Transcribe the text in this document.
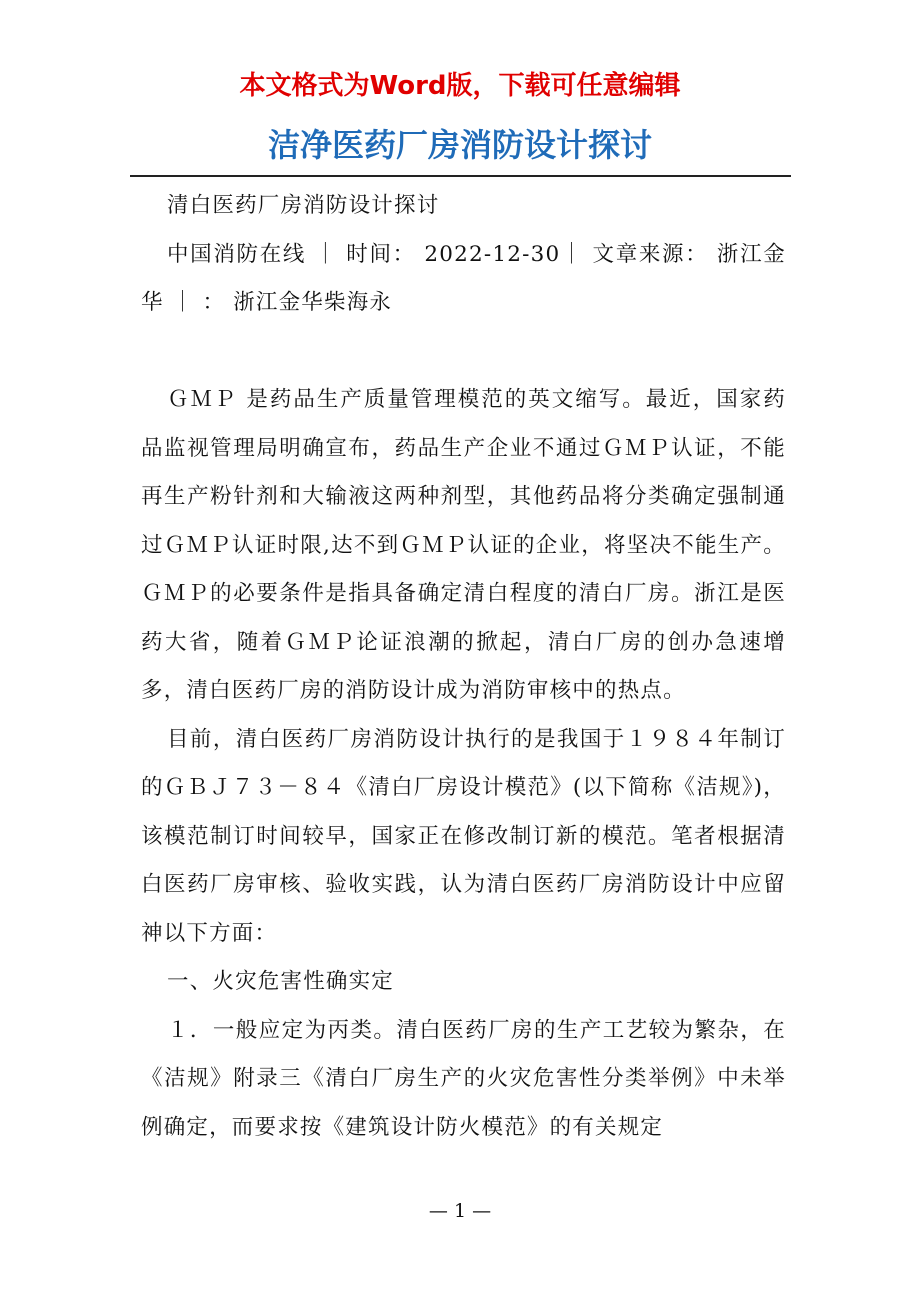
本文格式为Word版，下载可任意编辑
洁净医药厂房消防设计探讨

清白医药厂房消防设计探讨

中国消防在线 ｜ 时间： 2022-12-30｜ 文章来源： 浙江金华 ｜ ： 浙江金华柴海永

ＧＭＰ 是药品生产质量管理模范的英文缩写。最近，国家药品监视管理局明确宣布，药品生产企业不通过ＧＭＰ认证，不能再生产粉针剂和大输液这两种剂型，其他药品将分类确定强制通过ＧＭＰ认证时限,达不到ＧＭＰ认证的企业，将坚决不能生产。ＧＭＰ的必要条件是指具备确定清白程度的清白厂房。浙江是医药大省，随着ＧＭＰ论证浪潮的掀起，清白厂房的创办急速增多，清白医药厂房的消防设计成为消防审核中的热点。

目前，清白医药厂房消防设计执行的是我国于１９８４年制订的ＧＢＪ７３－８４《清白厂房设计模范》(以下简称《洁规》)，该模范制订时间较早，国家正在修改制订新的模范。笔者根据清白医药厂房审核、验收实践，认为清白医药厂房消防设计中应留神以下方面：

一、火灾危害性确实定

１．一般应定为丙类。清白医药厂房的生产工艺较为繁杂，在《洁规》附录三《清白厂房生产的火灾危害性分类举例》中未举例确定，而要求按《建筑设计防火模范》的有关规定

— 1 —
